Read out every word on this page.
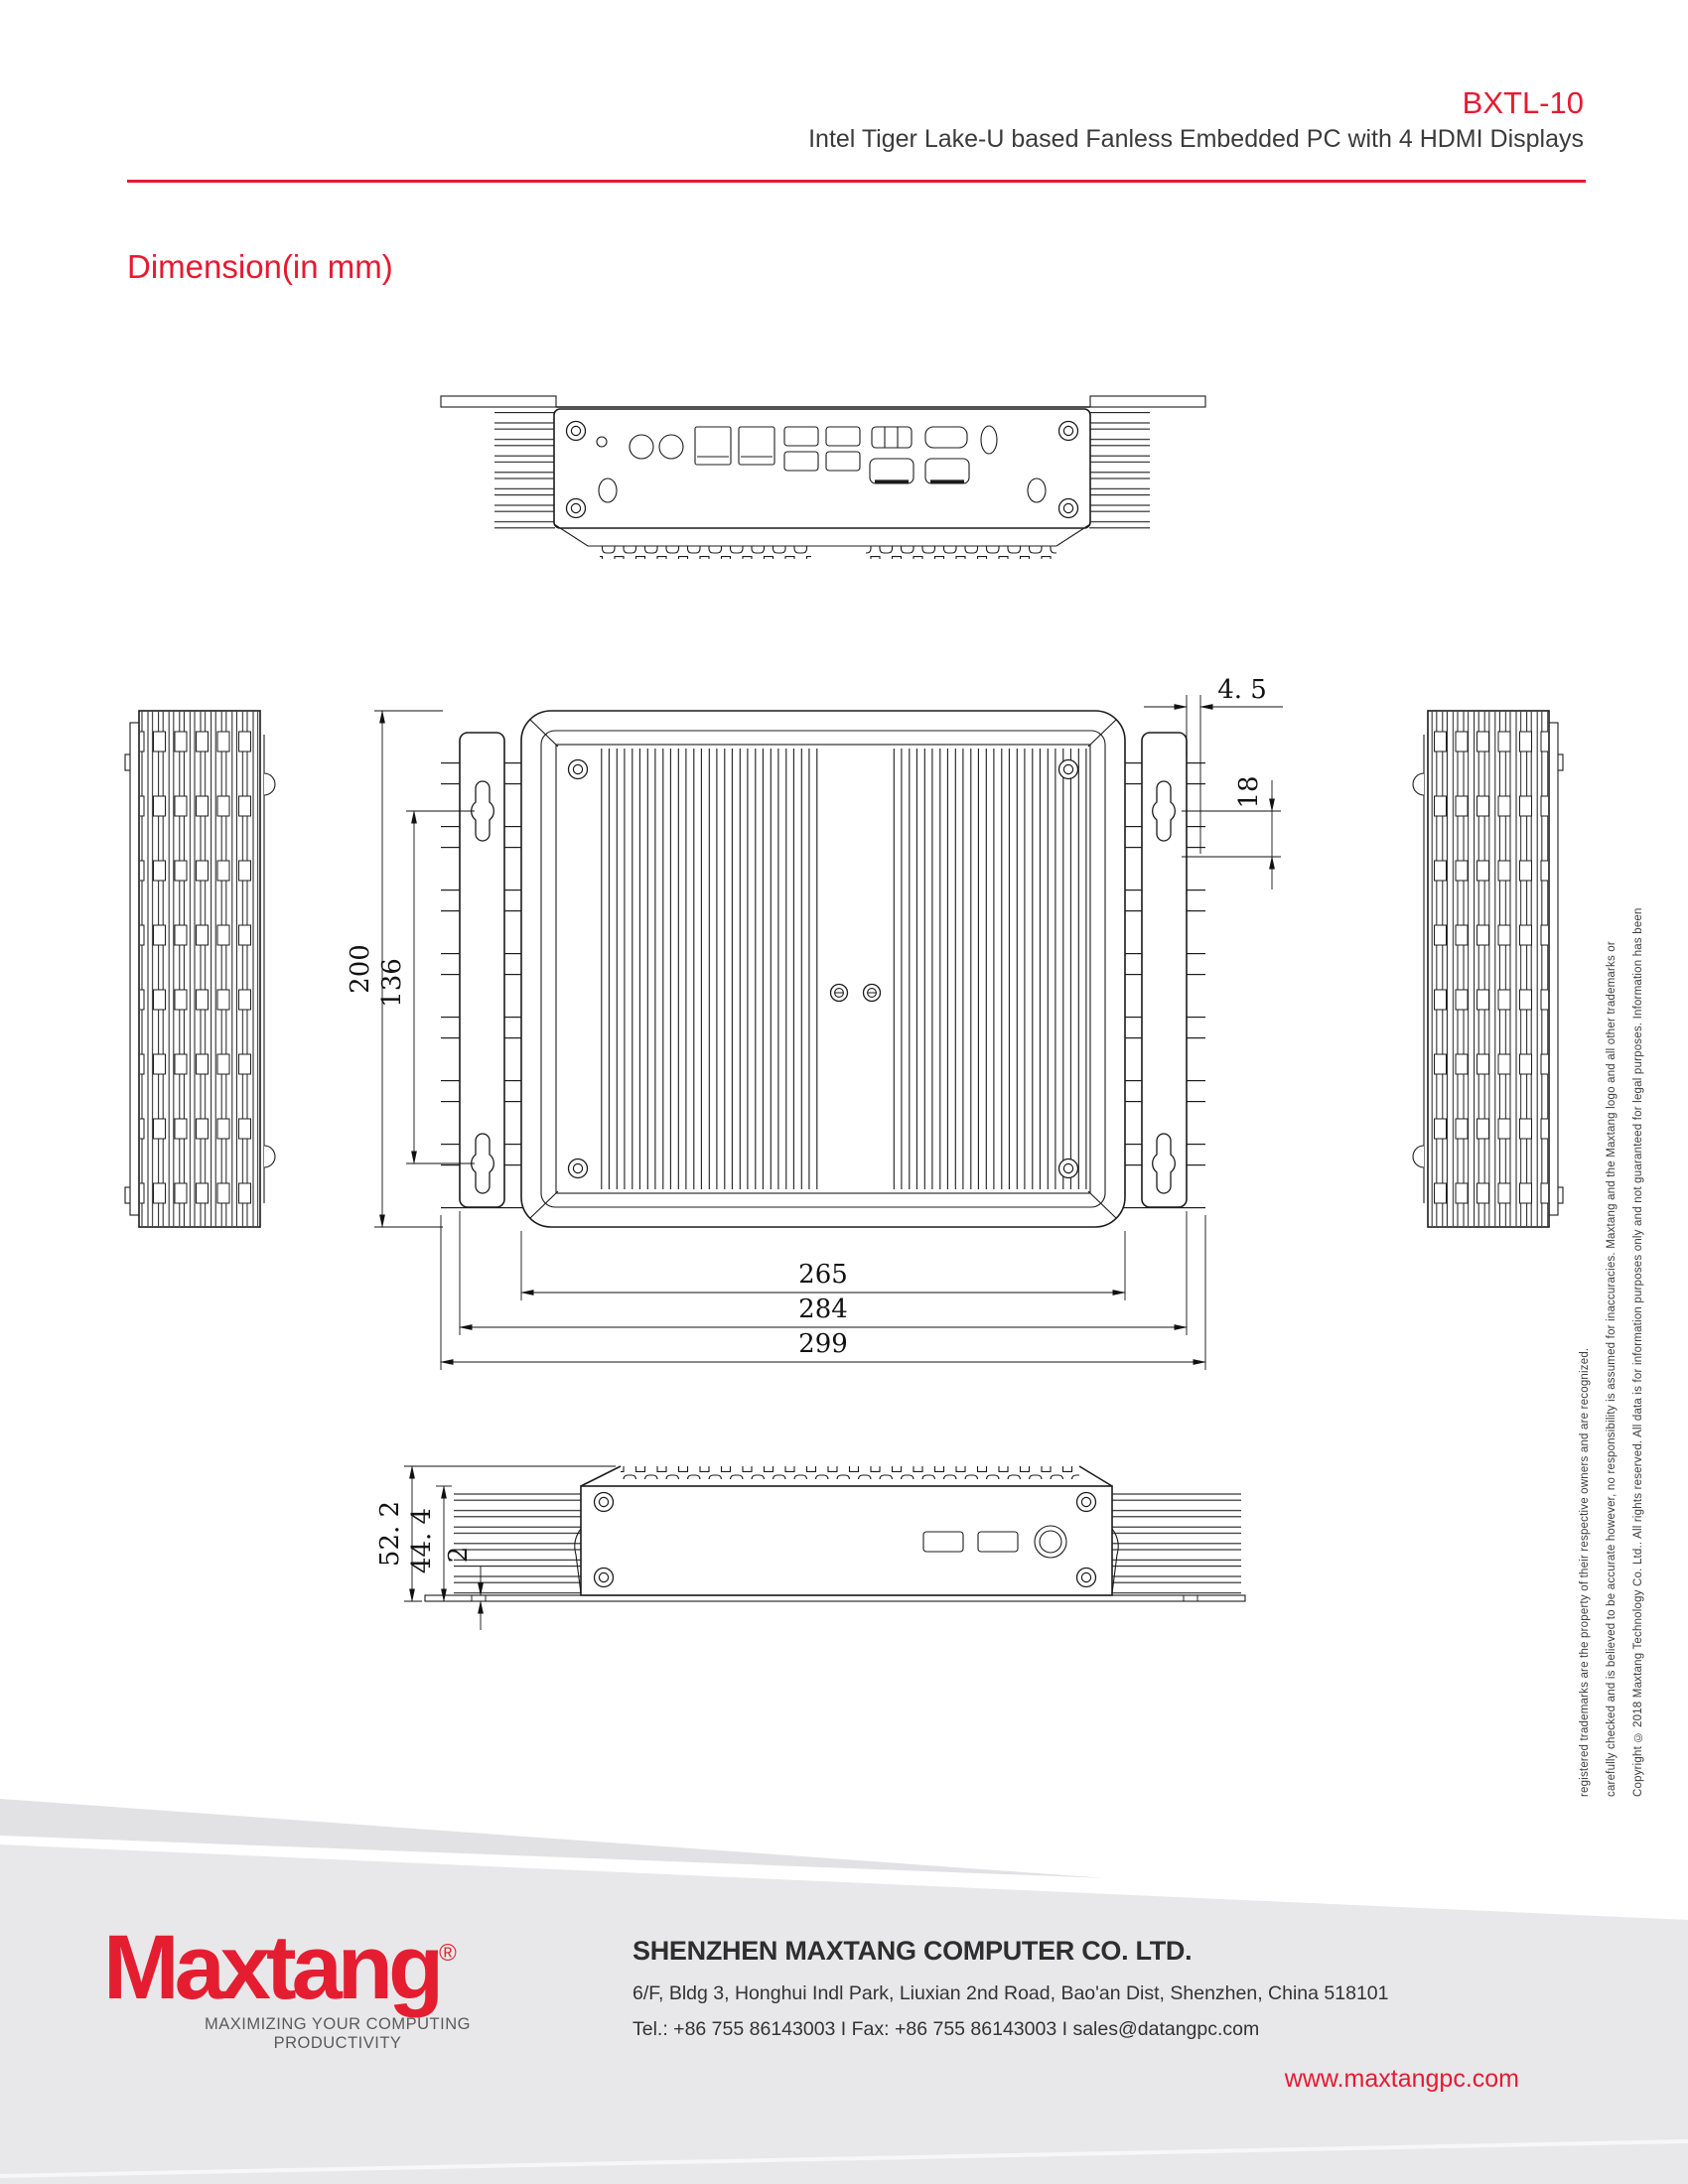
BXTL-10
Intel Tiger Lake-U based Fanless Embedded PC with 4 HDMI Displays
Dimension(in mm)
4. 5
18
200 136
265
284
299
52. 2 44. 4 2	Copyright © 2018 Maxtang Technology Co. Ltd.. All rights reserved. All data is for information purposes only and not guaranteed for legal purposes. Information has been
carefully checked and is believed to be accurate however, no responsibility is assumed for inaccuracies. Maxtang and the Maxtang logo and all other trademarks or
registered trademarks are the property of their respective owners and are recognized.
Maxtang®
MAXIMIZING YOUR COMPUTING PRODUCTIVITY
SHENZHEN MAXTANG COMPUTER CO. LTD.
6/F, Bldg 3, Honghui Indl Park, Liuxian 2nd Road, Bao'an Dist, Shenzhen, China 518101
Tel.: +86 755 86143003 I Fax: +86 755 86143003 I sales@datangpc.com
www.maxtangpc.com
